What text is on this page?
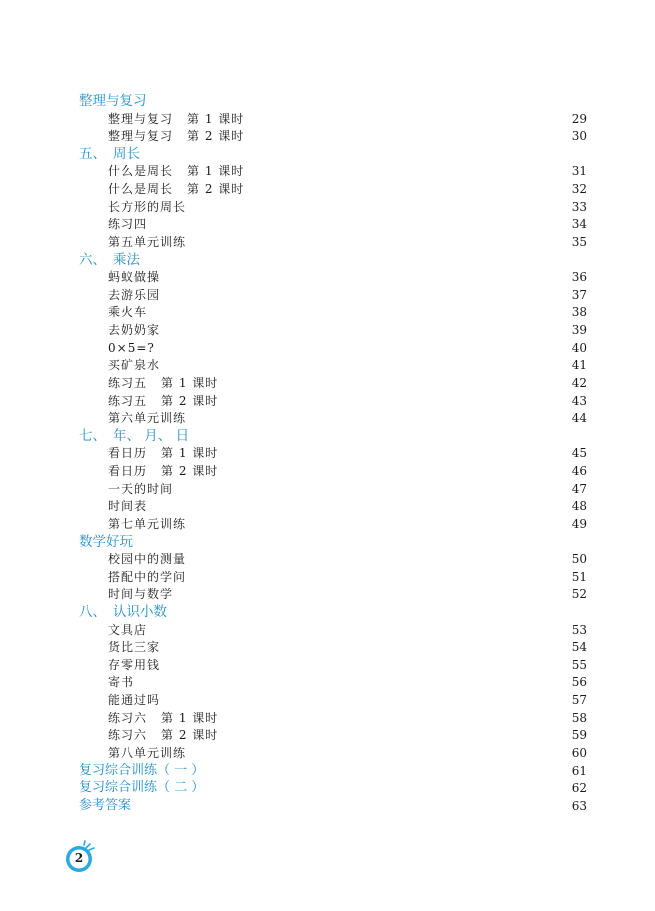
整理与复习
整理与复习 第 1 课时	29
整理与复习 第 2 课时	30
五、 周长
什么是周长 第 1 课时	31
什么是周长 第 2 课时	32
长方形的周长	33
练习四	34
第五单元训练	35
六、 乘法
蚂蚁做操	36
去游乐园	37
乘火车	38
去奶奶家	39
0×5=?	40
买矿泉水	41
练习五 第 1 课时	42
练习五 第 2 课时	43
第六单元训练	44
七、 年、 月、 日
看日历 第 1 课时	45
看日历 第 2 课时	46
一天的时间	47
时间表	48
第七单元训练	49
数学好玩
校园中的测量	50
搭配中的学问	51
时间与数学	52
八、 认识小数
文具店	53
货比三家	54
存零用钱	55
寄书	56
能通过吗	57
练习六 第 1 课时	58
练习六 第 2 课时	59
第八单元训练	60
复习综合训练（ 一 ）	61
复习综合训练（ 二 ）	62
参考答案	63
2
